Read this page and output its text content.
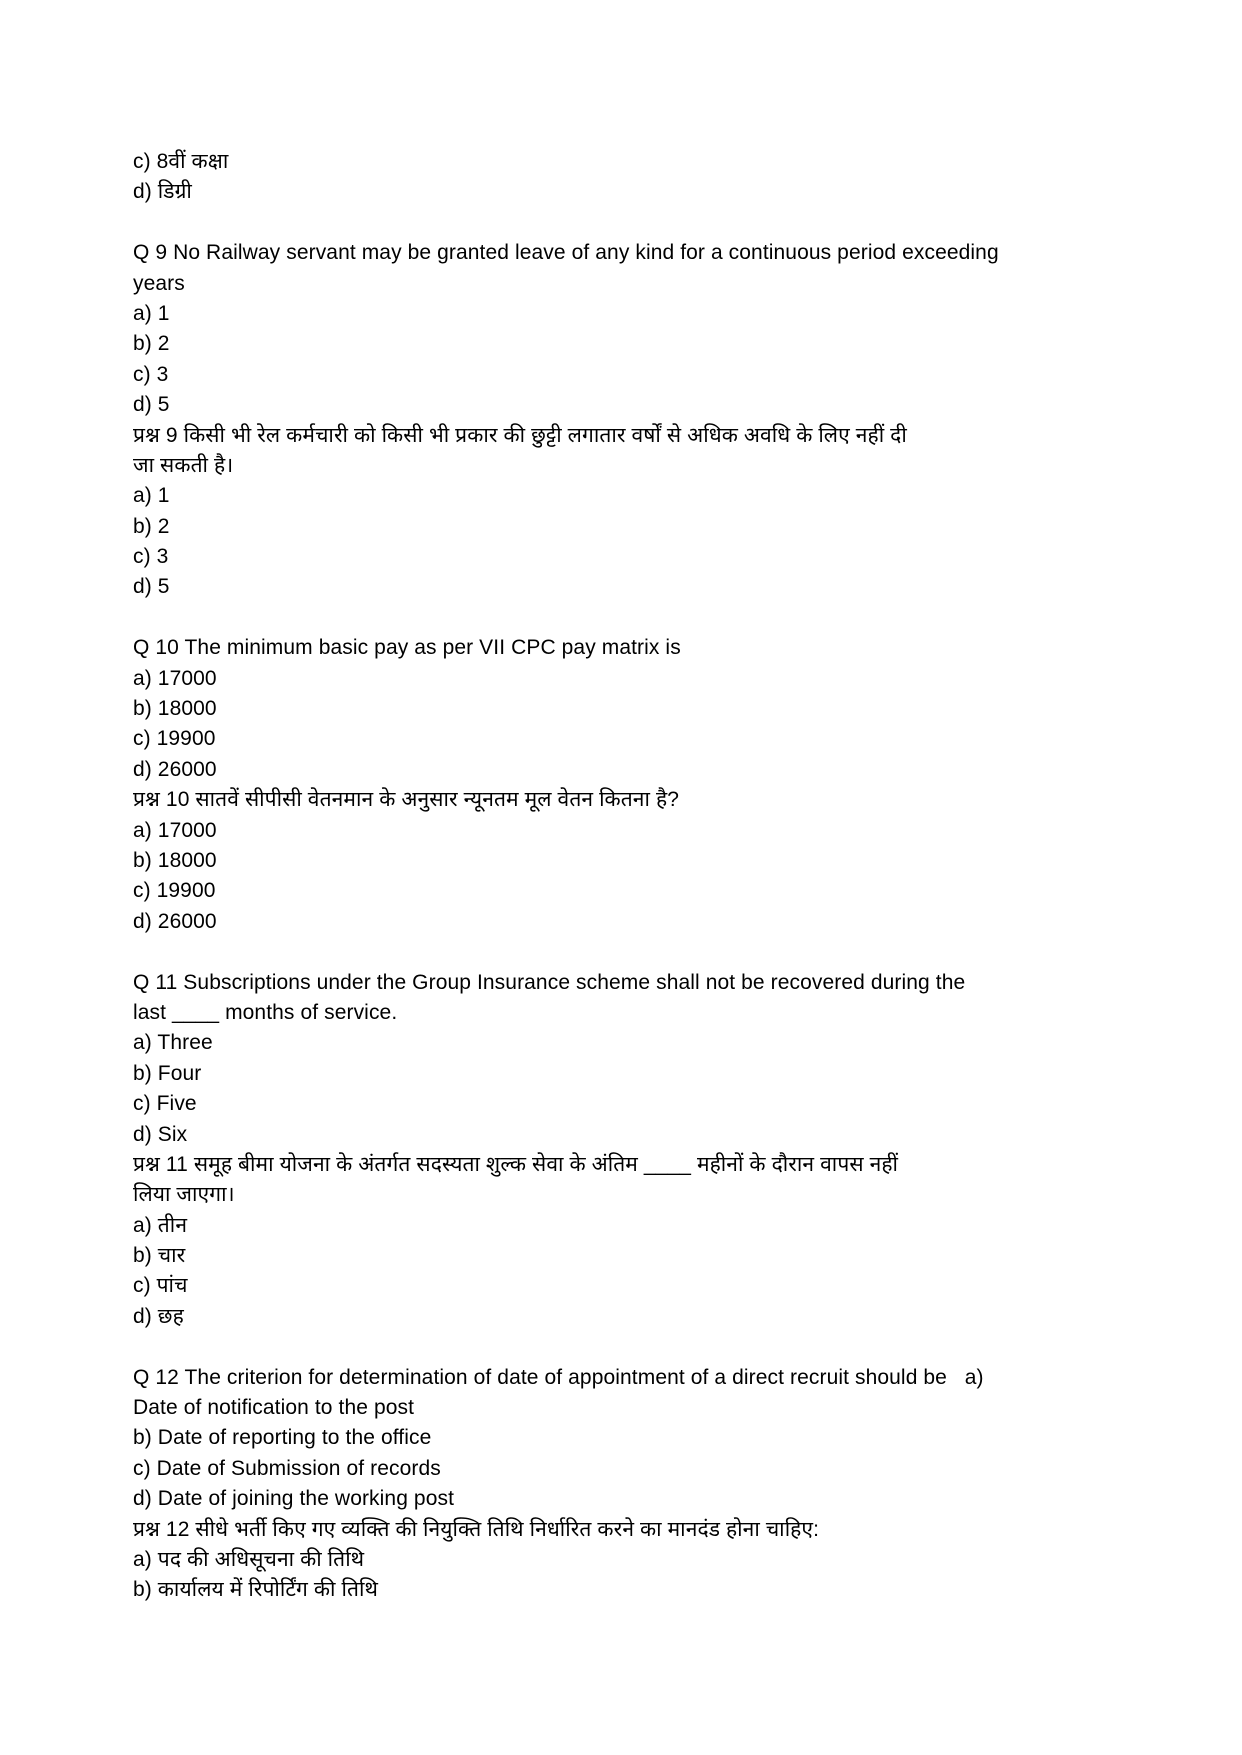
c) 8वीं कक्षा
d) डिग्री
Q 9 No Railway servant may be granted leave of any kind for a continuous period exceeding
years
a) 1
b) 2
c) 3
d) 5
प्रश्न 9 किसी भी रेल कर्मचारी को किसी भी प्रकार की छुट्टी लगातार वर्षों से अधिक अवधि के लिए नहीं दी
जा सकती है।
a) 1
b) 2
c) 3
d) 5
Q 10 The minimum basic pay as per VII CPC pay matrix is
a) 17000
b) 18000
c) 19900
d) 26000
प्रश्न 10 सातवें सीपीसी वेतनमान के अनुसार न्यूनतम मूल वेतन कितना है?
a) 17000
b) 18000
c) 19900
d) 26000
Q 11 Subscriptions under the Group Insurance scheme shall not be recovered during the
last ____ months of service.
a) Three
b) Four
c) Five
d) Six
प्रश्न 11 समूह बीमा योजना के अंतर्गत सदस्यता शुल्क सेवा के अंतिम ____ महीनों के दौरान वापस नहीं
लिया जाएगा।
a) तीन
b) चार
c) पांच
d) छह
Q 12 The criterion for determination of date of appointment of a direct recruit should be   a)
Date of notification to the post
b) Date of reporting to the office
c) Date of Submission of records
d) Date of joining the working post
प्रश्न 12 सीधे भर्ती किए गए व्यक्ति की नियुक्ति तिथि निर्धारित करने का मानदंड होना चाहिए:
a) पद की अधिसूचना की तिथि
b) कार्यालय में रिपोर्टिंग की तिथि
